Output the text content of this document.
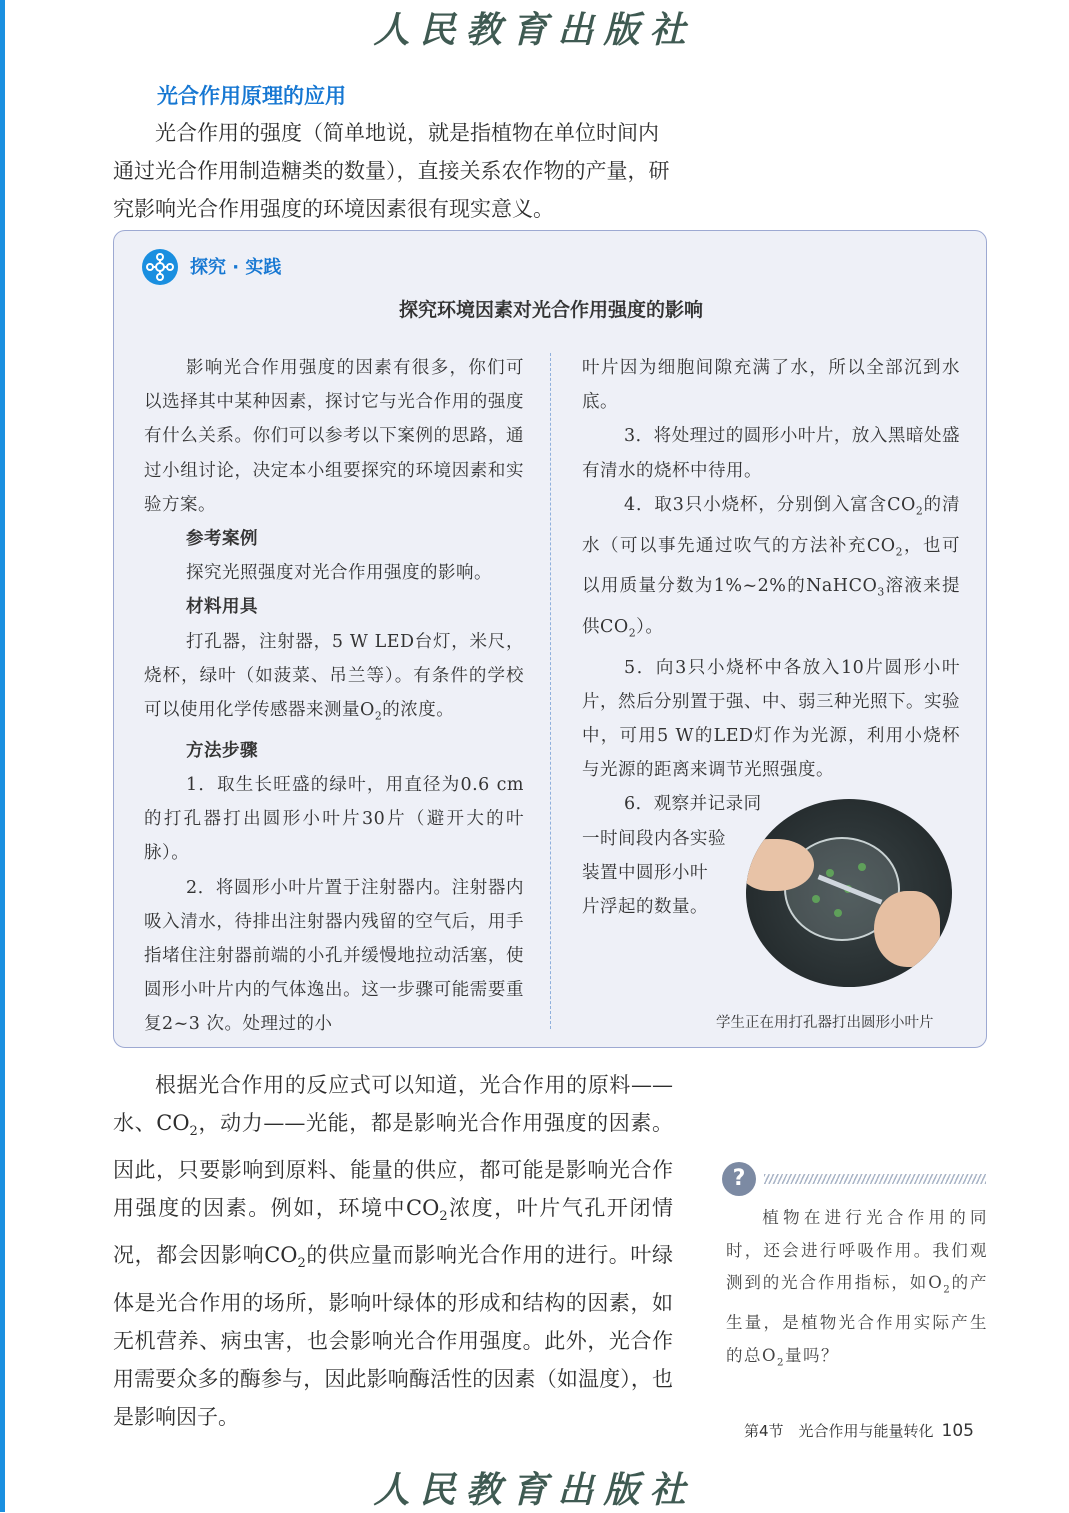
人民教育出版社
光合作用原理的应用

光合作用的强度（简单地说，就是指植物在单位时间内通过光合作用制造糖类的数量），直接关系农作物的产量，研究影响光合作用强度的环境因素很有现实意义。

探究 · 实践
探究环境因素对光合作用强度的影响

影响光合作用强度的因素有很多，你们可以选择其中某种因素，探讨它与光合作用的强度有什么关系。你们可以参考以下案例的思路，通过小组讨论，决定本小组要探究的环境因素和实验方案。

参考案例

探究光照强度对光合作用强度的影响。

材料用具

打孔器，注射器，5 W LED台灯，米尺，烧杯，绿叶（如菠菜、吊兰等）。有条件的学校可以使用化学传感器来测量$O_2$的浓度。

方法步骤

1．取生长旺盛的绿叶，用直径为0.6 cm的打孔器打出圆形小叶片30片（避开大的叶脉）。

2．将圆形小叶片置于注射器内。注射器内吸入清水，待排出注射器内残留的空气后，用手指堵住注射器前端的小孔并缓慢地拉动活塞，使圆形小叶片内的气体逸出。这一步骤可能需要重复2~3 次。处理过的小

叶片因为细胞间隙充满了水，所以全部沉到水底。

3．将处理过的圆形小叶片，放入黑暗处盛有清水的烧杯中待用。

4．取3只小烧杯，分别倒入富含$CO_2$的清水（可以事先通过吹气的方法补充$CO_2$，也可以用质量分数为1%~2%的NaHCO$_3$溶液来提供$CO_2$）。

5．向3只小烧杯中各放入10片圆形小叶片，然后分别置于强、中、弱三种光照下。实验中，可用5 W的LED灯作为光源，利用小烧杯与光源的距离来调节光照强度。

6．观察并记录同

一时间段内各实验

装置中圆形小叶

片浮起的数量。

学生正在用打孔器打出圆形小叶片

根据光合作用的反应式可以知道，光合作用的原料——水、$CO_2$，动力——光能，都是影响光合作用强度的因素。因此，只要影响到原料、能量的供应，都可能是影响光合作用强度的因素。例如，环境中$CO_2$浓度，叶片气孔开闭情况，都会因影响$CO_2$的供应量而影响光合作用的进行。叶绿体是光合作用的场所，影响叶绿体的形成和结构的因素，如无机营养、病虫害，也会影响光合作用强度。此外，光合作用需要众多的酶参与，因此影响酶活性的因素（如温度），也是影响因子。

?

植物在进行光合作用的同时，还会进行呼吸作用。我们观测到的光合作用指标，如$O_2$的产生量，是植物光合作用实际产生的总$O_2$量吗？

第4节　光合作用与能量转化 105
人民教育出版社
